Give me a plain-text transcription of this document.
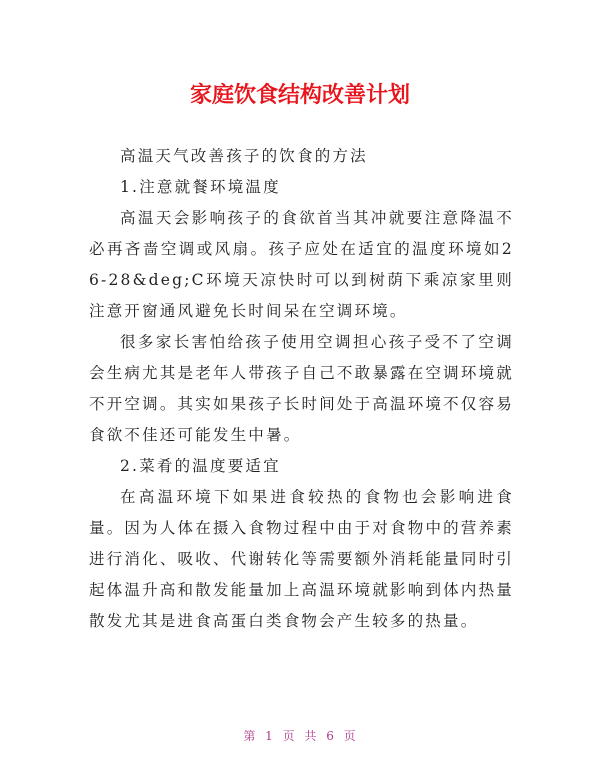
家庭饮食结构改善计划

高温天气改善孩子的饮食的方法

1.注意就餐环境温度

高温天会影响孩子的食欲首当其冲就要注意降温不必再吝啬空调或风扇。孩子应处在适宜的温度环境如26-28&deg;C环境天凉快时可以到树荫下乘凉家里则注意开窗通风避免长时间呆在空调环境。

很多家长害怕给孩子使用空调担心孩子受不了空调会生病尤其是老年人带孩子自己不敢暴露在空调环境就不开空调。其实如果孩子长时间处于高温环境不仅容易食欲不佳还可能发生中暑。

2.菜肴的温度要适宜

在高温环境下如果进食较热的食物也会影响进食量。因为人体在摄入食物过程中由于对食物中的营养素进行消化、吸收、代谢转化等需要额外消耗能量同时引起体温升高和散发能量加上高温环境就影响到体内热量散发尤其是进食高蛋白类食物会产生较多的热量。

第 1 页 共 6 页
